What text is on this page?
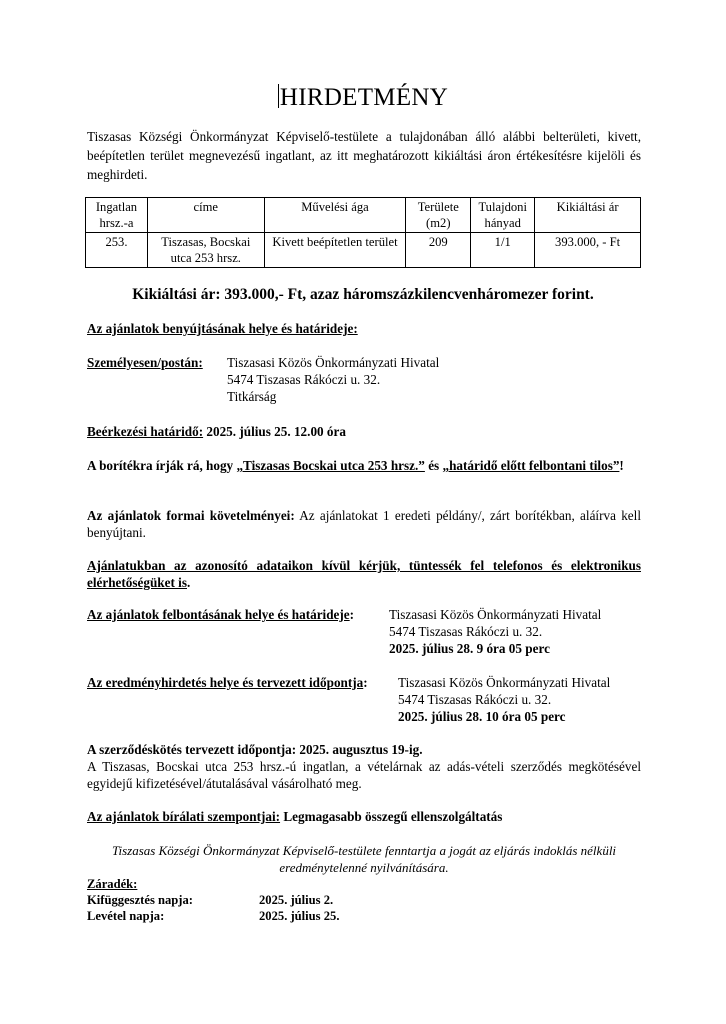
HIRDETMÉNY
Tiszasas Községi Önkormányzat Képviselő-testülete a tulajdonában álló alábbi belterületi, kivett, beépítetlen terület megnevezésű ingatlant, az itt meghatározott kikiáltási áron értékesítésre kijelöli és meghirdeti.
Ingatlan hrsz.-a	címe	Művelési ága	Területe (m2)	Tulajdoni hányad	Kikiáltási ár
253.	Tiszasas, Bocskai utca 253 hrsz.	Kivett beépítetlen terület	209	1/1	393.000, - Ft
Kikiáltási ár: 393.000,- Ft, azaz háromszázkilencvenháromezer forint.
Az ajánlatok benyújtásának helye és határideje:
Személyesen/postán: Tiszasasi Közös Önkormányzati Hivatal
5474 Tiszasas Rákóczi u. 32.
Titkárság
Beérkezési határidő: 2025. július 25. 12.00 óra
A borítékra írják rá, hogy „Tiszasas Bocskai utca 253 hrsz.” és „határidő előtt felbontani tilos”!
Az ajánlatok formai követelményei: Az ajánlatokat 1 eredeti példány/, zárt borítékban, aláírva kell benyújtani.
Ajánlatukban az azonosító adataikon kívül kérjük, tüntessék fel telefonos és elektronikus elérhetőségüket is.
Az ajánlatok felbontásának helye és határideje:	Tiszasasi Közös Önkormányzati Hivatal
5474 Tiszasas Rákóczi u. 32.
2025. július 28. 9 óra 05 perc
Az eredményhirdetés helye és tervezett időpontja: Tiszasasi Közös Önkormányzati Hivatal
5474 Tiszasas Rákóczi u. 32.
2025. július 28. 10 óra 05 perc
A szerződéskötés tervezett időpontja: 2025. augusztus 19-ig.
A Tiszasas, Bocskai utca 253 hrsz.-ú ingatlan, a vételárnak az adás-vételi szerződés megkötésével egyidejű kifizetésével/átutalásával vásárolható meg.
Az ajánlatok bírálati szempontjai: Legmagasabb összegű ellenszolgáltatás
Tiszasas Községi Önkormányzat Képviselő-testülete fenntartja a jogát az eljárás indoklás nélküli eredménytelenné nyilvánítására.
Záradék:
Kifüggesztés napja:	2025. július 2.
Levétel napja:	2025. július 25.
